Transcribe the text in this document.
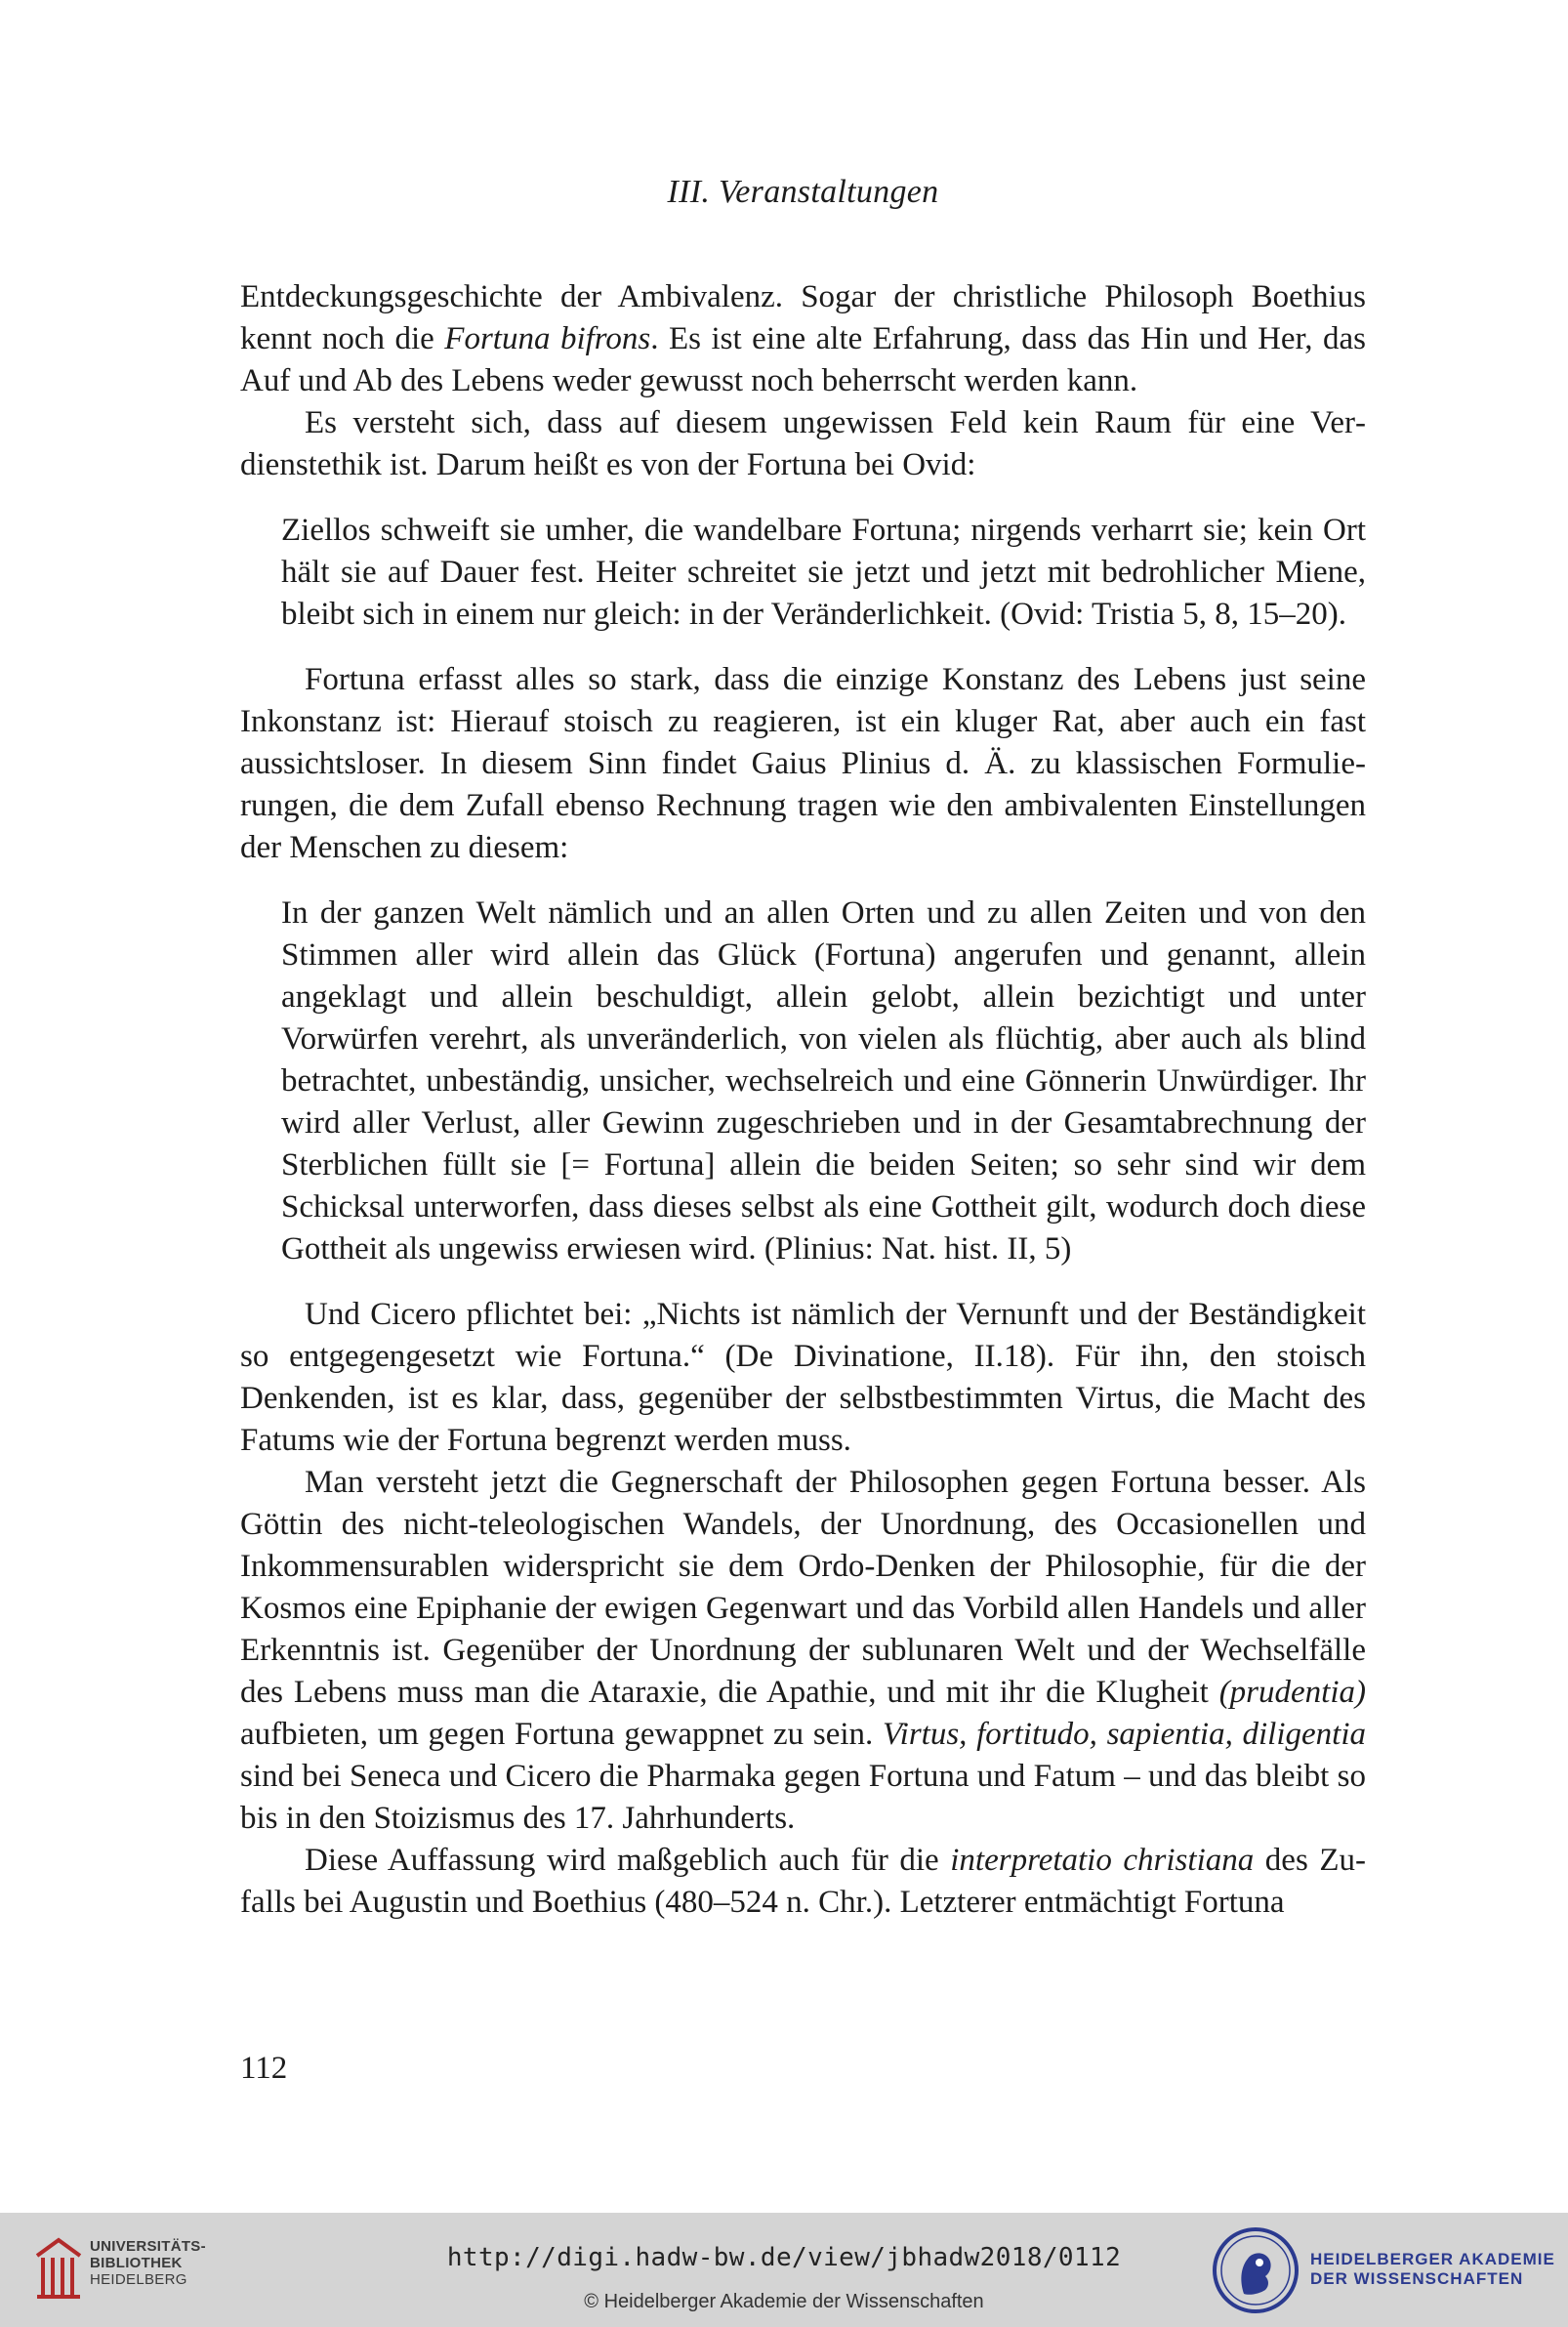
III. Veranstaltungen

Entdeckungsgeschichte der Ambivalenz. Sogar der christliche Philosoph Boethius kennt noch die Fortuna bifrons. Es ist eine alte Erfahrung, dass das Hin und Her, das Auf und Ab des Lebens weder gewusst noch beherrscht werden kann.

Es versteht sich, dass auf diesem ungewissen Feld kein Raum für eine Verdienstethik ist. Darum heißt es von der Fortuna bei Ovid:

Ziellos schweift sie umher, die wandelbare Fortuna; nirgends verharrt sie; kein Ort hält sie auf Dauer fest. Heiter schreitet sie jetzt und jetzt mit bedrohlicher Miene, bleibt sich in einem nur gleich: in der Veränderlichkeit. (Ovid: Tristia 5, 8, 15–20).

Fortuna erfasst alles so stark, dass die einzige Konstanz des Lebens just seine Inkonstanz ist: Hierauf stoisch zu reagieren, ist ein kluger Rat, aber auch ein fast aussichtsloser. In diesem Sinn findet Gaius Plinius d. Ä. zu klassischen Formulierungen, die dem Zufall ebenso Rechnung tragen wie den ambivalenten Einstellungen der Menschen zu diesem:

In der ganzen Welt nämlich und an allen Orten und zu allen Zeiten und von den Stimmen aller wird allein das Glück (Fortuna) angerufen und genannt, allein angeklagt und allein beschuldigt, allein gelobt, allein bezichtigt und unter Vorwürfen verehrt, als unveränderlich, von vielen als flüchtig, aber auch als blind betrachtet, unbeständig, unsicher, wechselreich und eine Gönnerin Unwürdiger. Ihr wird aller Verlust, aller Gewinn zugeschrieben und in der Gesamtabrechnung der Sterblichen füllt sie [= Fortuna] allein die beiden Seiten; so sehr sind wir dem Schicksal unterworfen, dass dieses selbst als eine Gottheit gilt, wodurch doch diese Gottheit als ungewiss erwiesen wird. (Plinius: Nat. hist. II, 5)

Und Cicero pflichtet bei: „Nichts ist nämlich der Vernunft und der Beständigkeit so entgegengesetzt wie Fortuna.“ (De Divinatione, II.18). Für ihn, den stoisch Denkenden, ist es klar, dass, gegenüber der selbstbestimmten Virtus, die Macht des Fatums wie der Fortuna begrenzt werden muss.

Man versteht jetzt die Gegnerschaft der Philosophen gegen Fortuna besser. Als Göttin des nicht-teleologischen Wandels, der Unordnung, des Occasionellen und Inkommensurablen widerspricht sie dem Ordo-Denken der Philosophie, für die der Kosmos eine Epiphanie der ewigen Gegenwart und das Vorbild allen Handels und aller Erkenntnis ist. Gegenüber der Unordnung der sublunaren Welt und der Wechselfälle des Lebens muss man die Ataraxie, die Apathie, und mit ihr die Klugheit (prudentia) aufbieten, um gegen Fortuna gewappnet zu sein. Virtus, fortitudo, sapientia, diligentia sind bei Seneca und Cicero die Pharmaka gegen Fortuna und Fatum – und das bleibt so bis in den Stoizismus des 17. Jahrhunderts.

Diese Auffassung wird maßgeblich auch für die interpretatio christiana des Zufalls bei Augustin und Boethius (480–524 n. Chr.). Letzterer entmächtigt Fortuna

112
UNIVERSITÄTS-
BIBLIOTHEK
HEIDELBERG
http://digi.hadw-bw.de/view/jbhadw2018/0112
© Heidelberger Akademie der Wissenschaften
HEIDELBERGER AKADEMIE
DER WISSENSCHAFTEN
